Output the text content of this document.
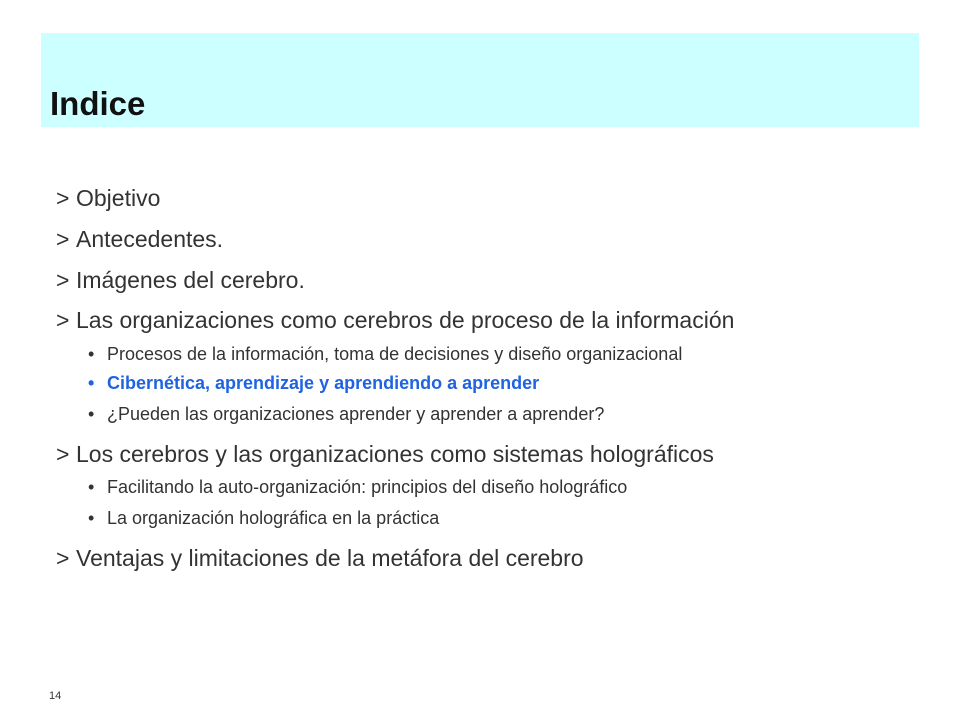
Indice
> Objetivo
> Antecedentes.
> Imágenes del cerebro.
> Las organizaciones como cerebros de proceso de la información
• Procesos de la información, toma de decisiones y diseño organizacional
• Cibernética, aprendizaje y aprendiendo a aprender
• ¿Pueden las organizaciones aprender y aprender a aprender?
> Los cerebros y las organizaciones como sistemas holográficos
• Facilitando la auto-organización: principios del diseño holográfico
• La organización holográfica en la práctica
> Ventajas y limitaciones de la metáfora del cerebro
14
